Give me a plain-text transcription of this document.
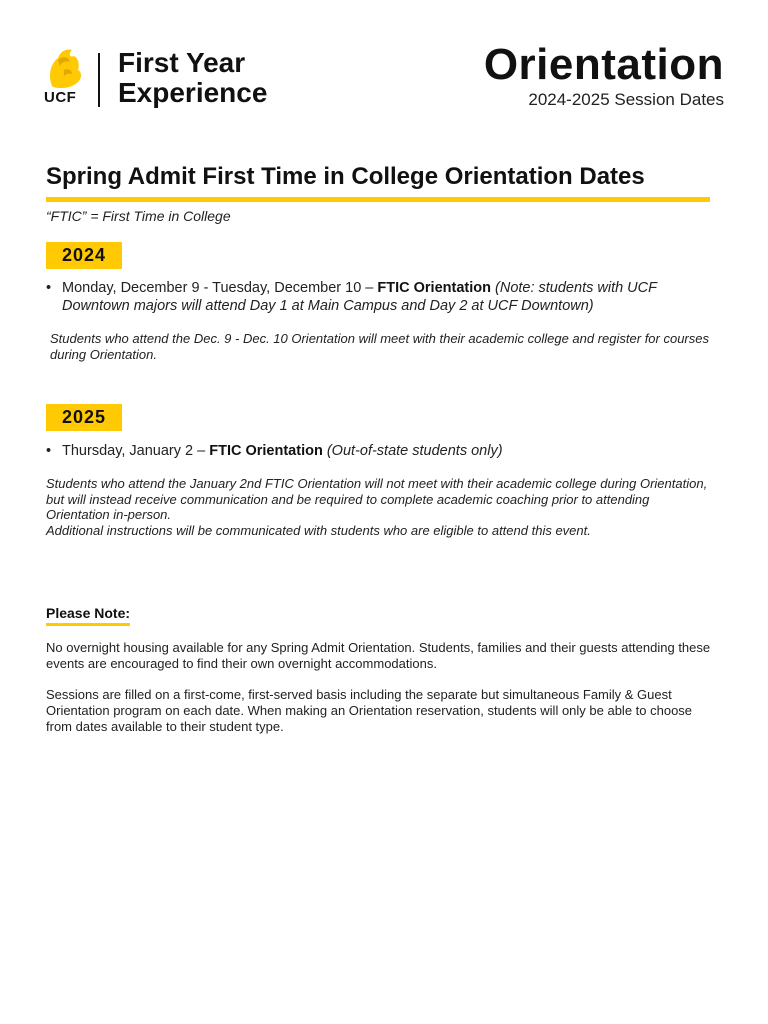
UCF
First Year
Experience
Orientation
2024-2025 Session Dates
Spring Admit First Time in College Orientation Dates
“FTIC” = First Time in College
2024
• Monday, December 9 - Tuesday, December 10 – FTIC Orientation (Note: students with UCF Downtown majors will attend Day 1 at Main Campus and Day 2 at UCF Downtown)
Students who attend the Dec. 9 - Dec. 10 Orientation will meet with their academic college and register for courses during Orientation.
2025
• Thursday, January 2 – FTIC Orientation (Out-of-state students only)
Students who attend the January 2nd FTIC Orientation will not meet with their academic college during Orientation, but will instead receive communication and be required to complete academic coaching prior to attending Orientation in-person.
Additional instructions will be communicated with students who are eligible to attend this event.
Please Note:
No overnight housing available for any Spring Admit Orientation. Students, families and their guests attending these events are encouraged to find their own overnight accommodations.
Sessions are filled on a first-come, first-served basis including the separate but simultaneous Family & Guest Orientation program on each date. When making an Orientation reservation, students will only be able to choose from dates available to their student type.
